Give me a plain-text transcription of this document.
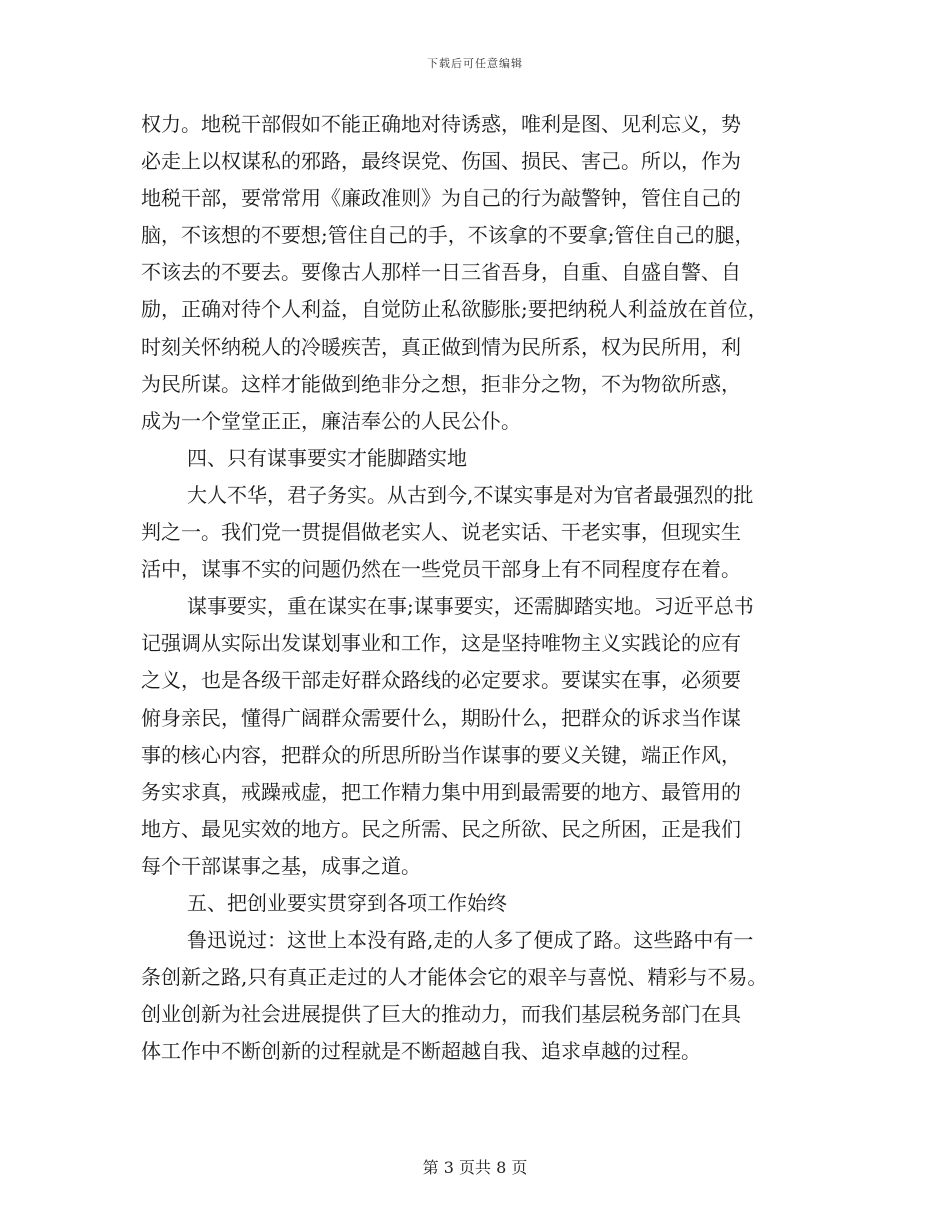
下载后可任意编辑
权力。地税干部假如不能正确地对待诱惑，唯利是图、见利忘义，势
必走上以权谋私的邪路，最终误党、伤国、损民、害己。所以，作为
地税干部，要常常用《廉政准则》为自己的行为敲警钟，管住自己的
脑，不该想的不要想;管住自己的手，不该拿的不要拿;管住自己的腿，
不该去的不要去。要像古人那样一日三省吾身，自重、自盛自警、自
励，正确对待个人利益，自觉防止私欲膨胀;要把纳税人利益放在首位，
时刻关怀纳税人的冷暖疾苦，真正做到情为民所系，权为民所用，利
为民所谋。这样才能做到绝非分之想，拒非分之物，不为物欲所惑，
成为一个堂堂正正，廉洁奉公的人民公仆。
四、只有谋事要实才能脚踏实地
大人不华，君子务实。从古到今,不谋实事是对为官者最强烈的批
判之一。我们党一贯提倡做老实人、说老实话、干老实事，但现实生
活中，谋事不实的问题仍然在一些党员干部身上有不同程度存在着。
谋事要实，重在谋实在事;谋事要实，还需脚踏实地。习近平总书
记强调从实际出发谋划事业和工作，这是坚持唯物主义实践论的应有
之义，也是各级干部走好群众路线的必定要求。要谋实在事，必须要
俯身亲民，懂得广阔群众需要什么，期盼什么，把群众的诉求当作谋
事的核心内容，把群众的所思所盼当作谋事的要义关键，端正作风，
务实求真，戒躁戒虚，把工作精力集中用到最需要的地方、最管用的
地方、最见实效的地方。民之所需、民之所欲、民之所困，正是我们
每个干部谋事之基，成事之道。
五、把创业要实贯穿到各项工作始终
鲁迅说过：这世上本没有路,走的人多了便成了路。这些路中有一
条创新之路,只有真正走过的人才能体会它的艰辛与喜悦、精彩与不易。
创业创新为社会进展提供了巨大的推动力，而我们基层税务部门在具
体工作中不断创新的过程就是不断超越自我、追求卓越的过程。
第 3 页共 8 页
